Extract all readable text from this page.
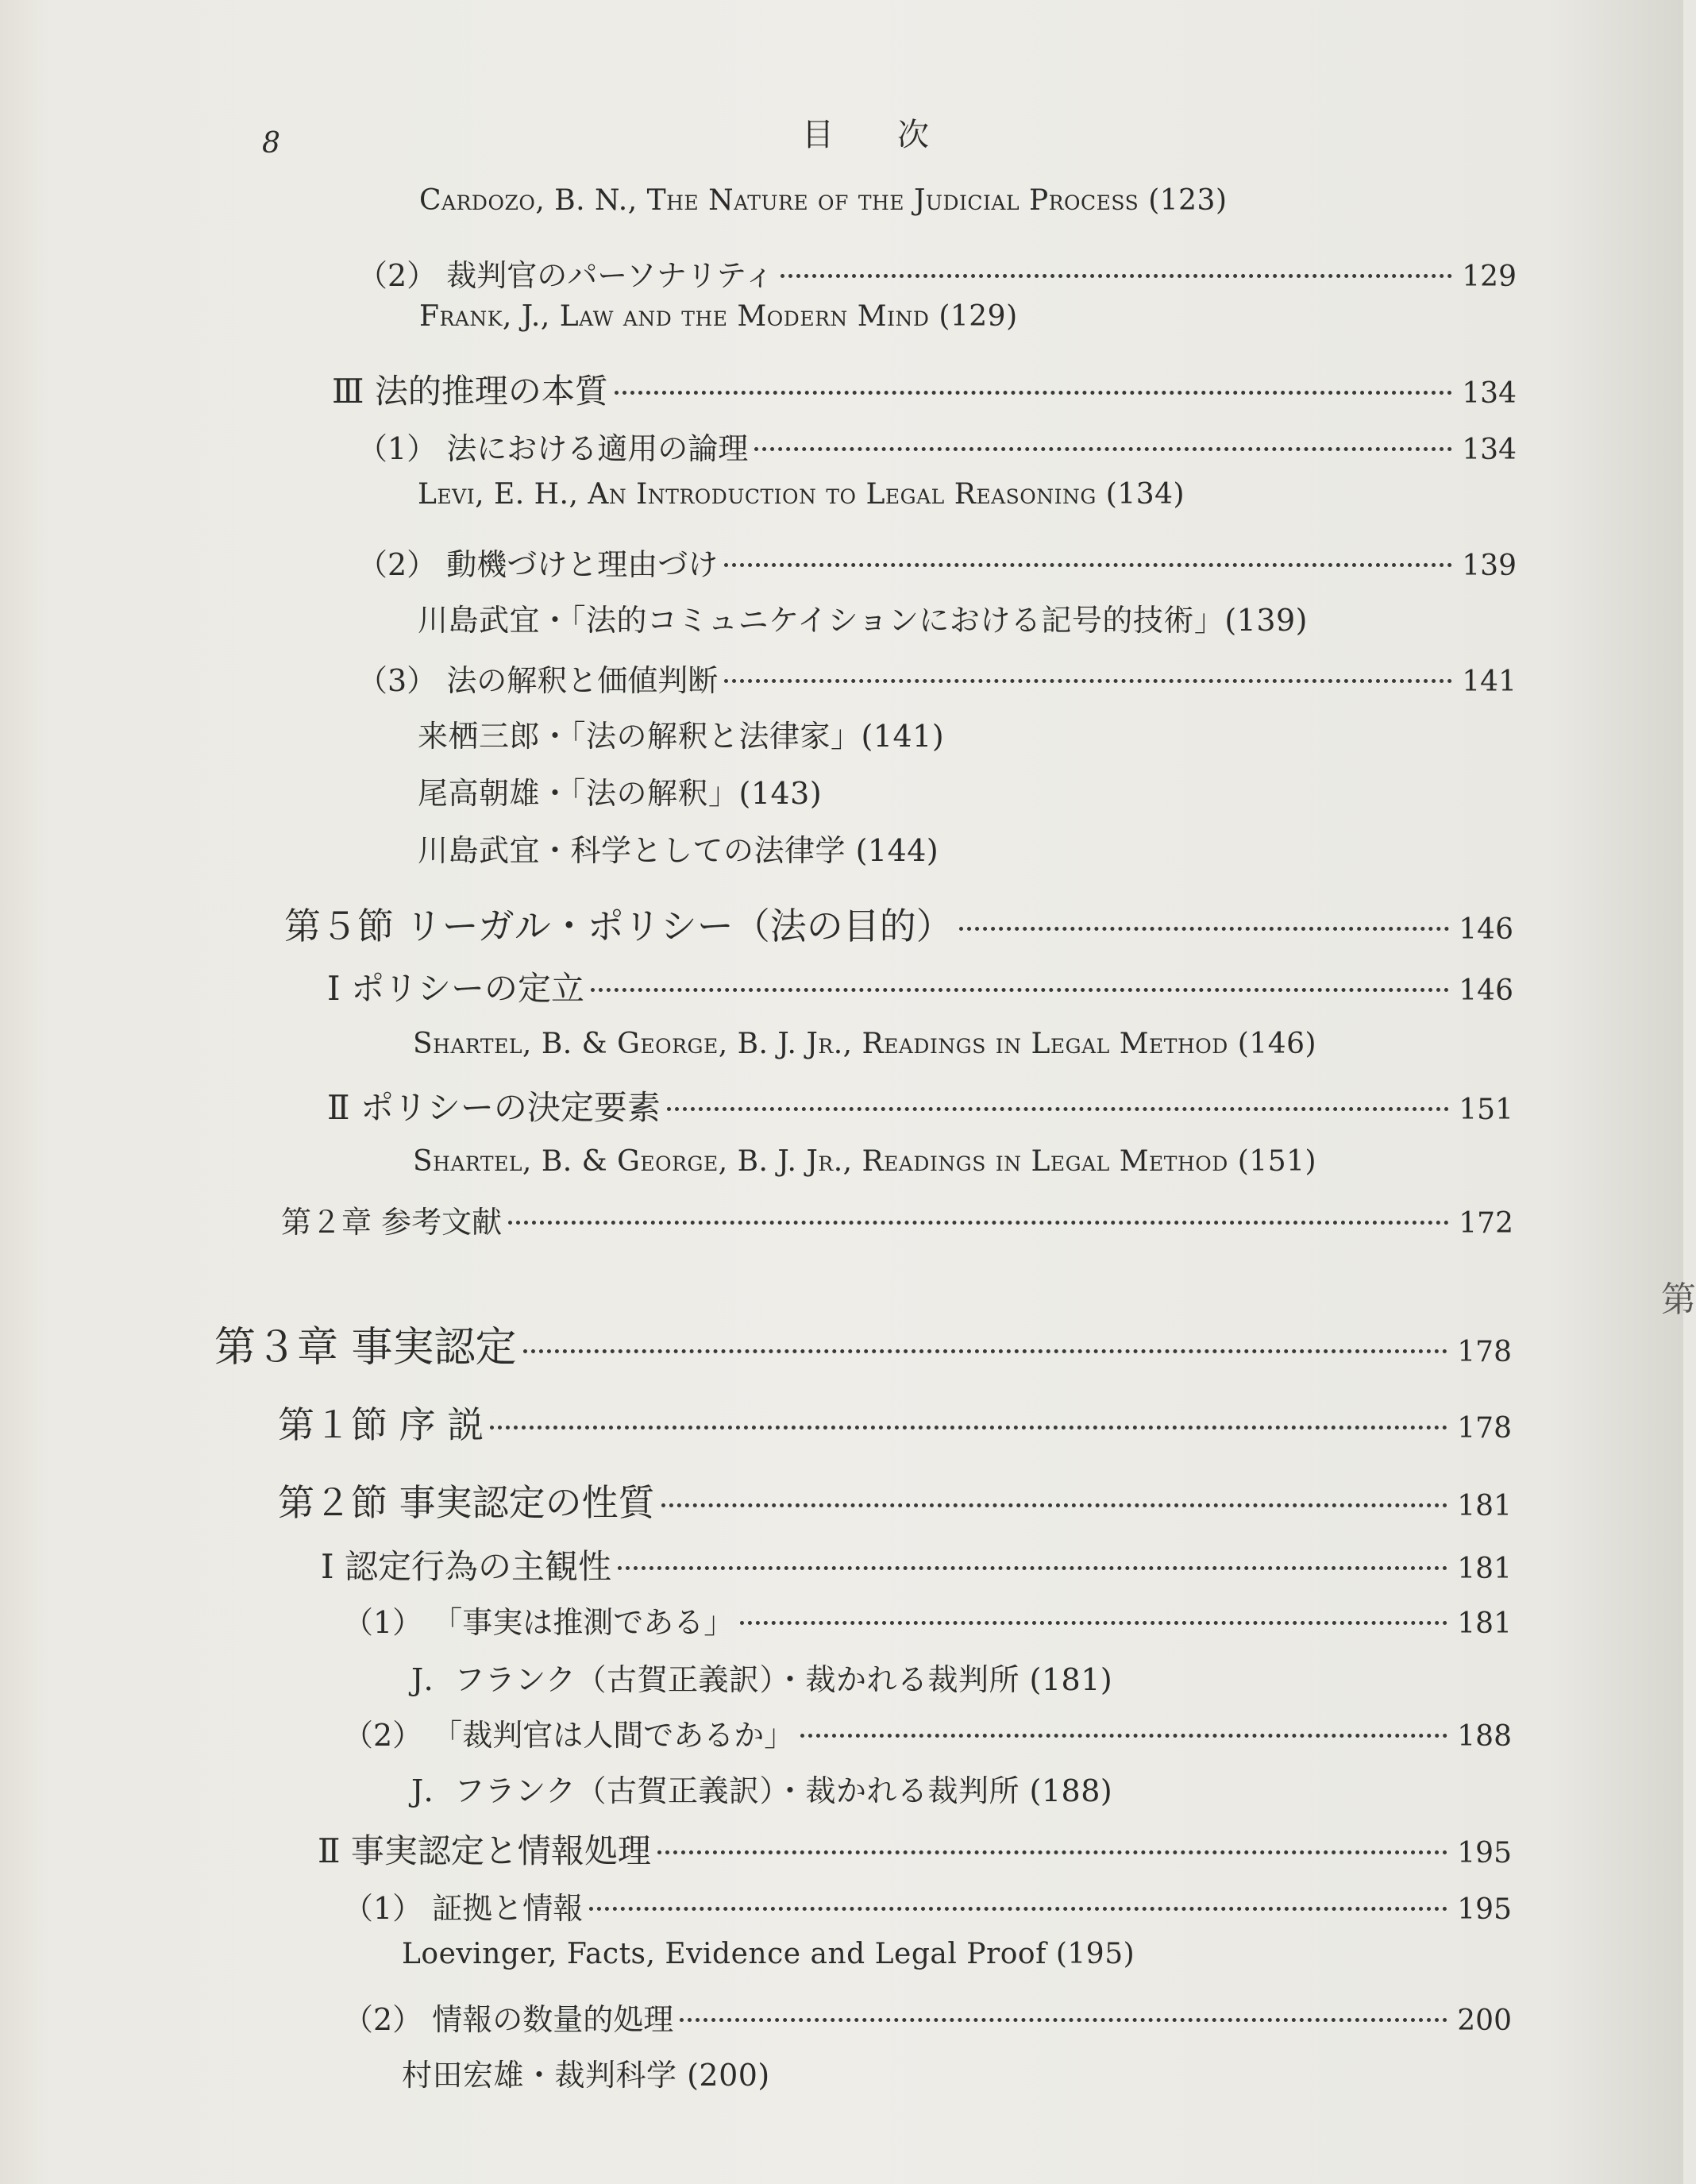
8	目次
第
Cardozo, B. N., The Nature of the Judicial Process (123)
（2） 裁判官のパーソナリティ	129
Frank, J., Law and the Modern Mind (129)
Ⅲ 法的推理の本質	134
（1） 法における適用の論理	134
Levi, E. H., An Introduction to Legal Reasoning (134)
（2） 動機づけと理由づけ	139
川島武宜・「法的コミュニケイションにおける記号的技術」(139)
（3） 法の解釈と価値判断	141
来栖三郎・「法の解釈と法律家」(141)
尾高朝雄・「法の解釈」(143)
川島武宜・科学としての法律学 (144)
第５節 リーガル・ポリシー（法の目的）	146
Ⅰ ポリシーの定立	146
Shartel, B. & George, B. J. Jr., Readings in Legal Method (146)
Ⅱ ポリシーの決定要素	151
Shartel, B. & George, B. J. Jr., Readings in Legal Method (151)
第２章 参考文献	172
第３章 事実認定	178
第１節 序 説	178
第２節 事実認定の性質	181
Ⅰ 認定行為の主観性	181
（1） 「事実は推測である」	181
J．フランク（古賀正義訳）・裁かれる裁判所 (181)
（2） 「裁判官は人間であるか」	188
J．フランク（古賀正義訳）・裁かれる裁判所 (188)
Ⅱ 事実認定と情報処理	195
（1） 証拠と情報	195
Loevinger, Facts, Evidence and Legal Proof (195)
（2） 情報の数量的処理	200
村田宏雄・裁判科学 (200)
